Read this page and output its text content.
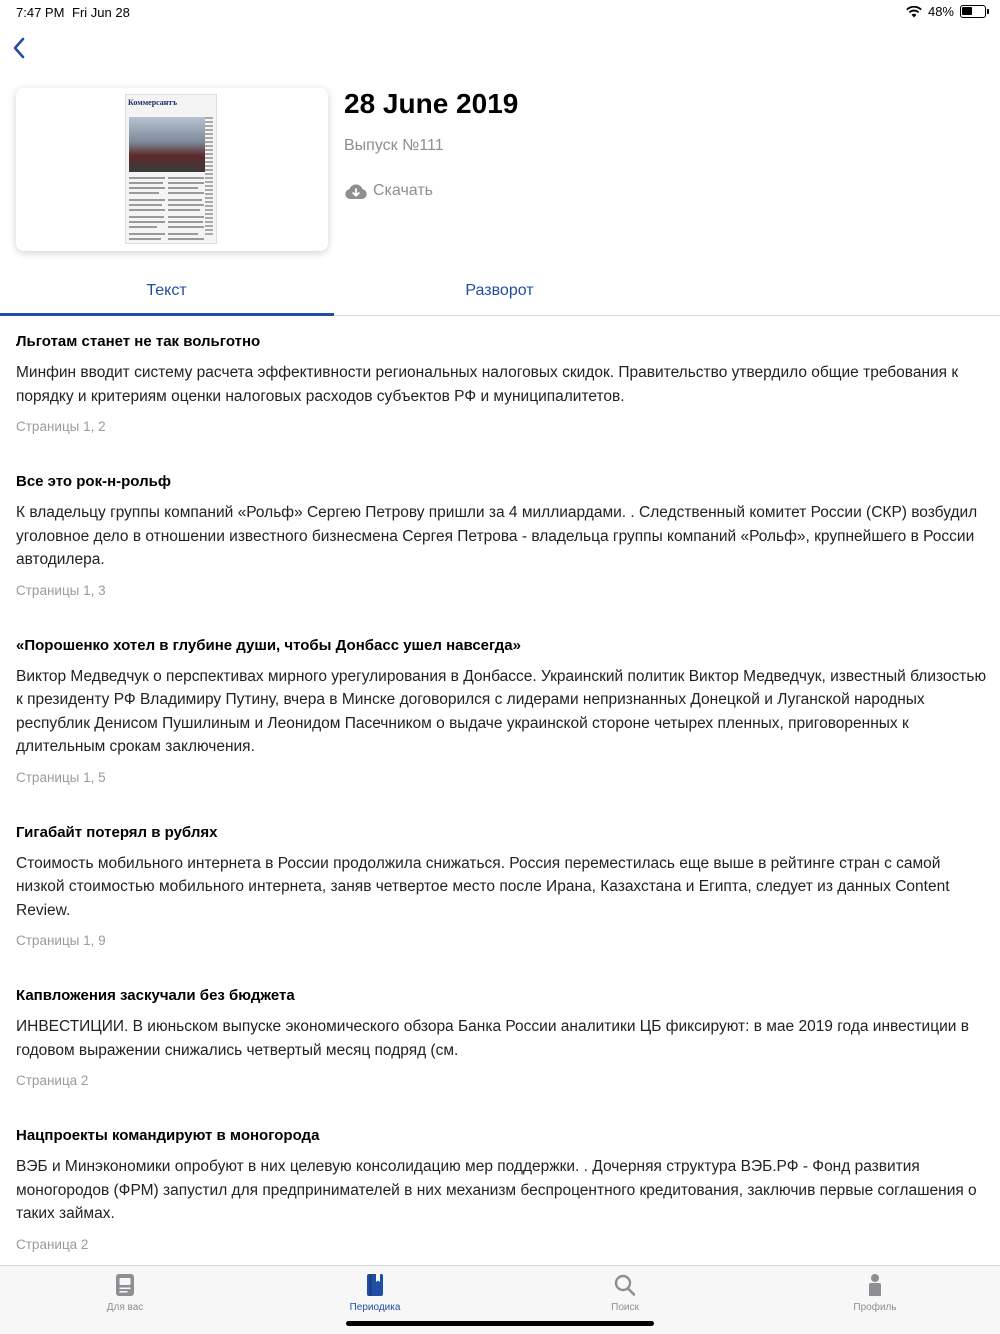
7:47 PM Fri Jun 28	48%
Коммерсантъ	28 June 2019
Выпуск №111
Скачать
Текст	Разворот
Льготам станет не так вольготно

Минфин вводит систему расчета эффективности региональных налоговых скидок. Правительство утвердило общие требования к порядку и критериям оценки налоговых расходов субъектов РФ и муниципалитетов.

Страницы 1, 2
Все это рок-н-рольф

К владельцу группы компаний «Рольф» Сергею Петрову пришли за 4 миллиардами. . Следственный комитет России (СКР) возбудил уголовное дело в отношении известного бизнесмена Сергея Петрова - владельца группы компаний «Рольф», крупнейшего в России автодилера.

Страницы 1, 3
«Порошенко хотел в глубине души, чтобы Донбасс ушел навсегда»

Виктор Медведчук о перспективах мирного урегулирования в Донбассе. Украинский политик Виктор Медведчук, известный близостью к президенту РФ Владимиру Путину, вчера в Минске договорился с лидерами непризнанных Донецкой и Луганской народных республик Денисом Пушилиным и Леонидом Пасечником о выдаче украинской стороне четырех пленных, приговоренных к длительным срокам заключения.

Страницы 1, 5
Гигабайт потерял в рублях

Стоимость мобильного интернета в России продолжила снижаться. Россия переместилась еще выше в рейтинге стран с самой низкой стоимостью мобильного интернета, заняв четвертое место после Ирана, Казахстана и Египта, следует из данных Content Review.

Страницы 1, 9
Капвложения заскучали без бюджета

ИНВЕСТИЦИИ. В июньском выпуске экономического обзора Банка России аналитики ЦБ фиксируют: в мае 2019 года инвестиции в годовом выражении снижались четвертый месяц подряд (см.

Страница 2
Нацпроекты командируют в моногорода

ВЭБ и Минэкономики опробуют в них целевую консолидацию мер поддержки. . Дочерняя структура ВЭБ.РФ - Фонд развития моногородов (ФРМ) запустил для предпринимателей в них механизм беспроцентного кредитования, заключив первые соглашения о таких займах.

Страница 2
Для вас	Периодика	Поиск	Профиль
